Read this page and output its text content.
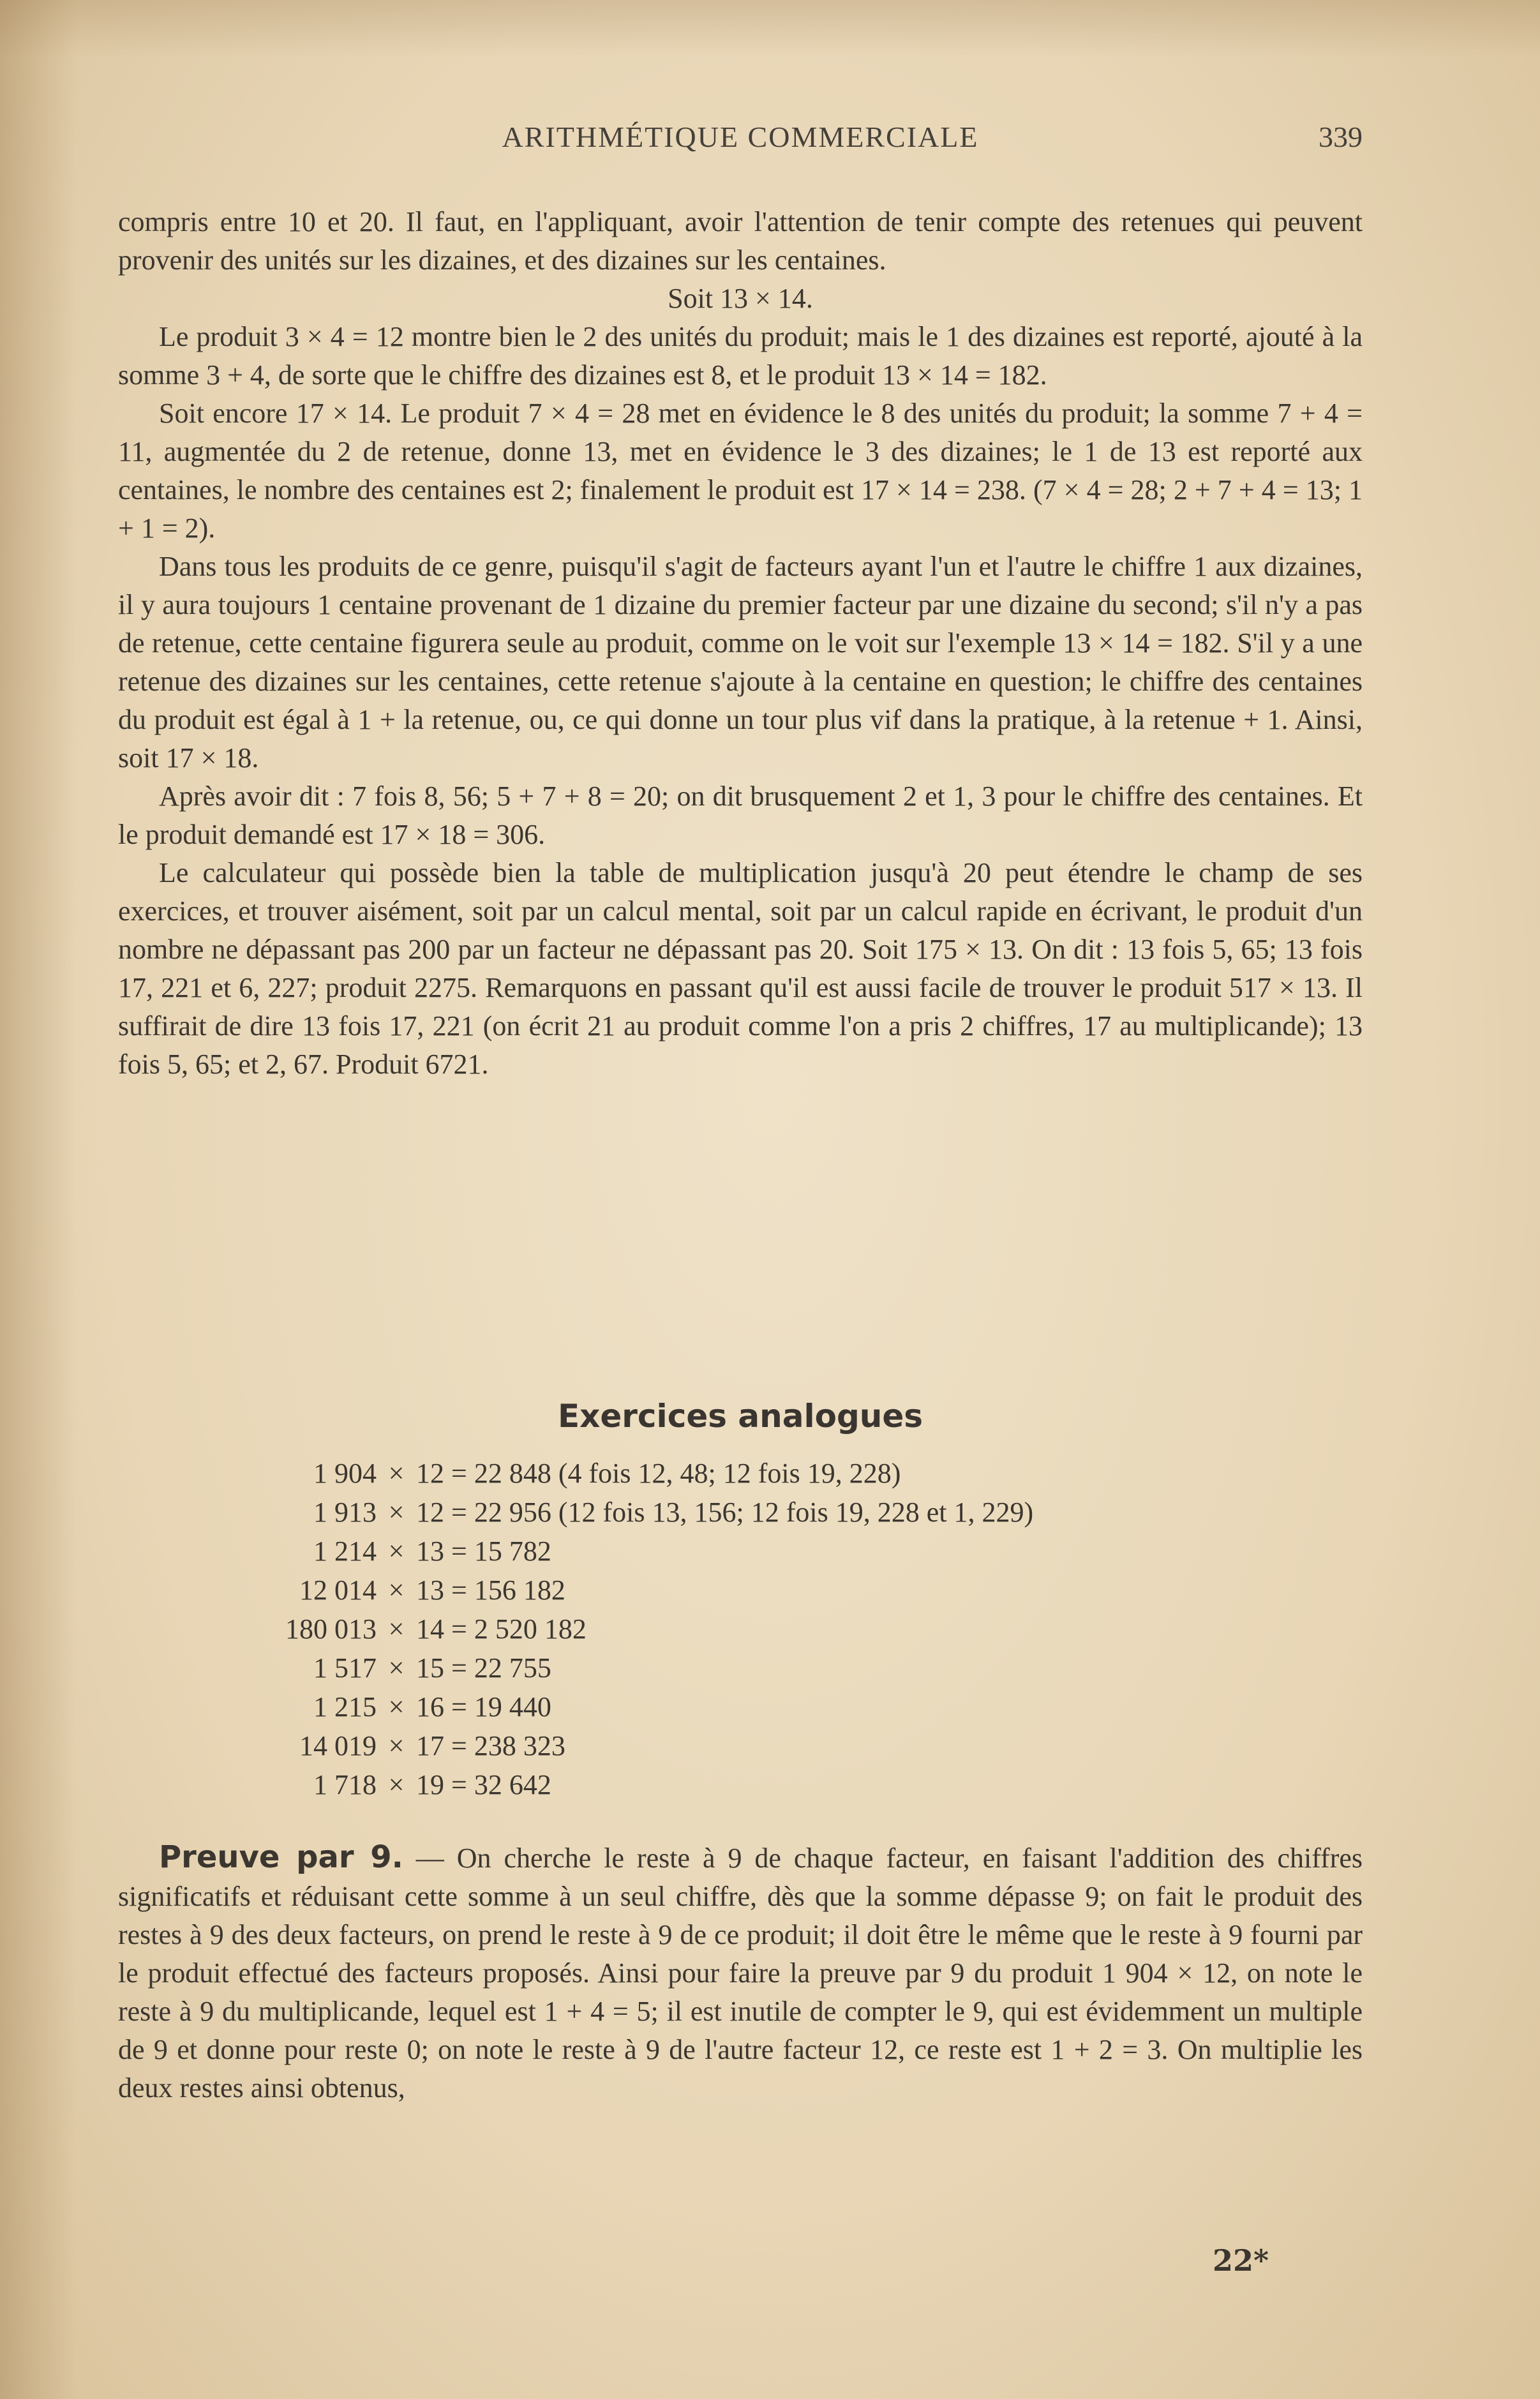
ARITHMÉTIQUE COMMERCIALE	339

compris entre 10 et 20. Il faut, en l'appliquant, avoir l'attention de tenir compte des retenues qui peuvent provenir des unités sur les dizaines, et des dizaines sur les centaines.

Soit 13 × 14.

Le produit 3 × 4 = 12 montre bien le 2 des unités du produit; mais le 1 des dizaines est reporté, ajouté à la somme 3 + 4, de sorte que le chiffre des dizaines est 8, et le produit 13 × 14 = 182.

Soit encore 17 × 14. Le produit 7 × 4 = 28 met en évidence le 8 des unités du produit; la somme 7 + 4 = 11, augmentée du 2 de retenue, donne 13, met en évidence le 3 des dizaines; le 1 de 13 est reporté aux centaines, le nombre des centaines est 2; finalement le produit est 17 × 14 = 238. (7 × 4 = 28; 2 + 7 + 4 = 13; 1 + 1 = 2).

Dans tous les produits de ce genre, puisqu'il s'agit de facteurs ayant l'un et l'autre le chiffre 1 aux dizaines, il y aura toujours 1 centaine provenant de 1 dizaine du premier facteur par une dizaine du second; s'il n'y a pas de retenue, cette centaine figurera seule au produit, comme on le voit sur l'exemple 13 × 14 = 182. S'il y a une retenue des dizaines sur les centaines, cette retenue s'ajoute à la centaine en question; le chiffre des centaines du produit est égal à 1 + la retenue, ou, ce qui donne un tour plus vif dans la pratique, à la retenue + 1. Ainsi, soit 17 × 18.

Après avoir dit : 7 fois 8, 56; 5 + 7 + 8 = 20; on dit brusquement 2 et 1, 3 pour le chiffre des centaines. Et le produit demandé est 17 × 18 = 306.

Le calculateur qui possède bien la table de multiplication jusqu'à 20 peut étendre le champ de ses exercices, et trouver aisément, soit par un calcul mental, soit par un calcul rapide en écrivant, le produit d'un nombre ne dépassant pas 200 par un facteur ne dépassant pas 20. Soit 175 × 13. On dit : 13 fois 5, 65; 13 fois 17, 221 et 6, 227; produit 2275. Remarquons en passant qu'il est aussi facile de trouver le produit 517 × 13. Il suffirait de dire 13 fois 17, 221 (on écrit 21 au produit comme l'on a pris 2 chiffres, 17 au multiplicande); 13 fois 5, 65; et 2, 67. Produit 6721.

Exercices analogues
1 904 × 12 = 22 848 (4 fois 12, 48; 12 fois 19, 228)
1 913 × 12 = 22 956 (12 fois 13, 156; 12 fois 19, 228 et 1, 229)
1 214 × 13 = 15 782
12 014 × 13 = 156 182
180 013 × 14 = 2 520 182
1 517 × 15 = 22 755
1 215 × 16 = 19 440
14 019 × 17 = 238 323
1 718 × 19 = 32 642

Preuve par 9. — On cherche le reste à 9 de chaque facteur, en faisant l'addition des chiffres significatifs et réduisant cette somme à un seul chiffre, dès que la somme dépasse 9; on fait le produit des restes à 9 des deux facteurs, on prend le reste à 9 de ce produit; il doit être le même que le reste à 9 fourni par le produit effectué des facteurs proposés. Ainsi pour faire la preuve par 9 du produit 1 904 × 12, on note le reste à 9 du multiplicande, lequel est 1 + 4 = 5; il est inutile de compter le 9, qui est évidemment un multiple de 9 et donne pour reste 0; on note le reste à 9 de l'autre facteur 12, ce reste est 1 + 2 = 3. On multiplie les deux restes ainsi obtenus,

22*
